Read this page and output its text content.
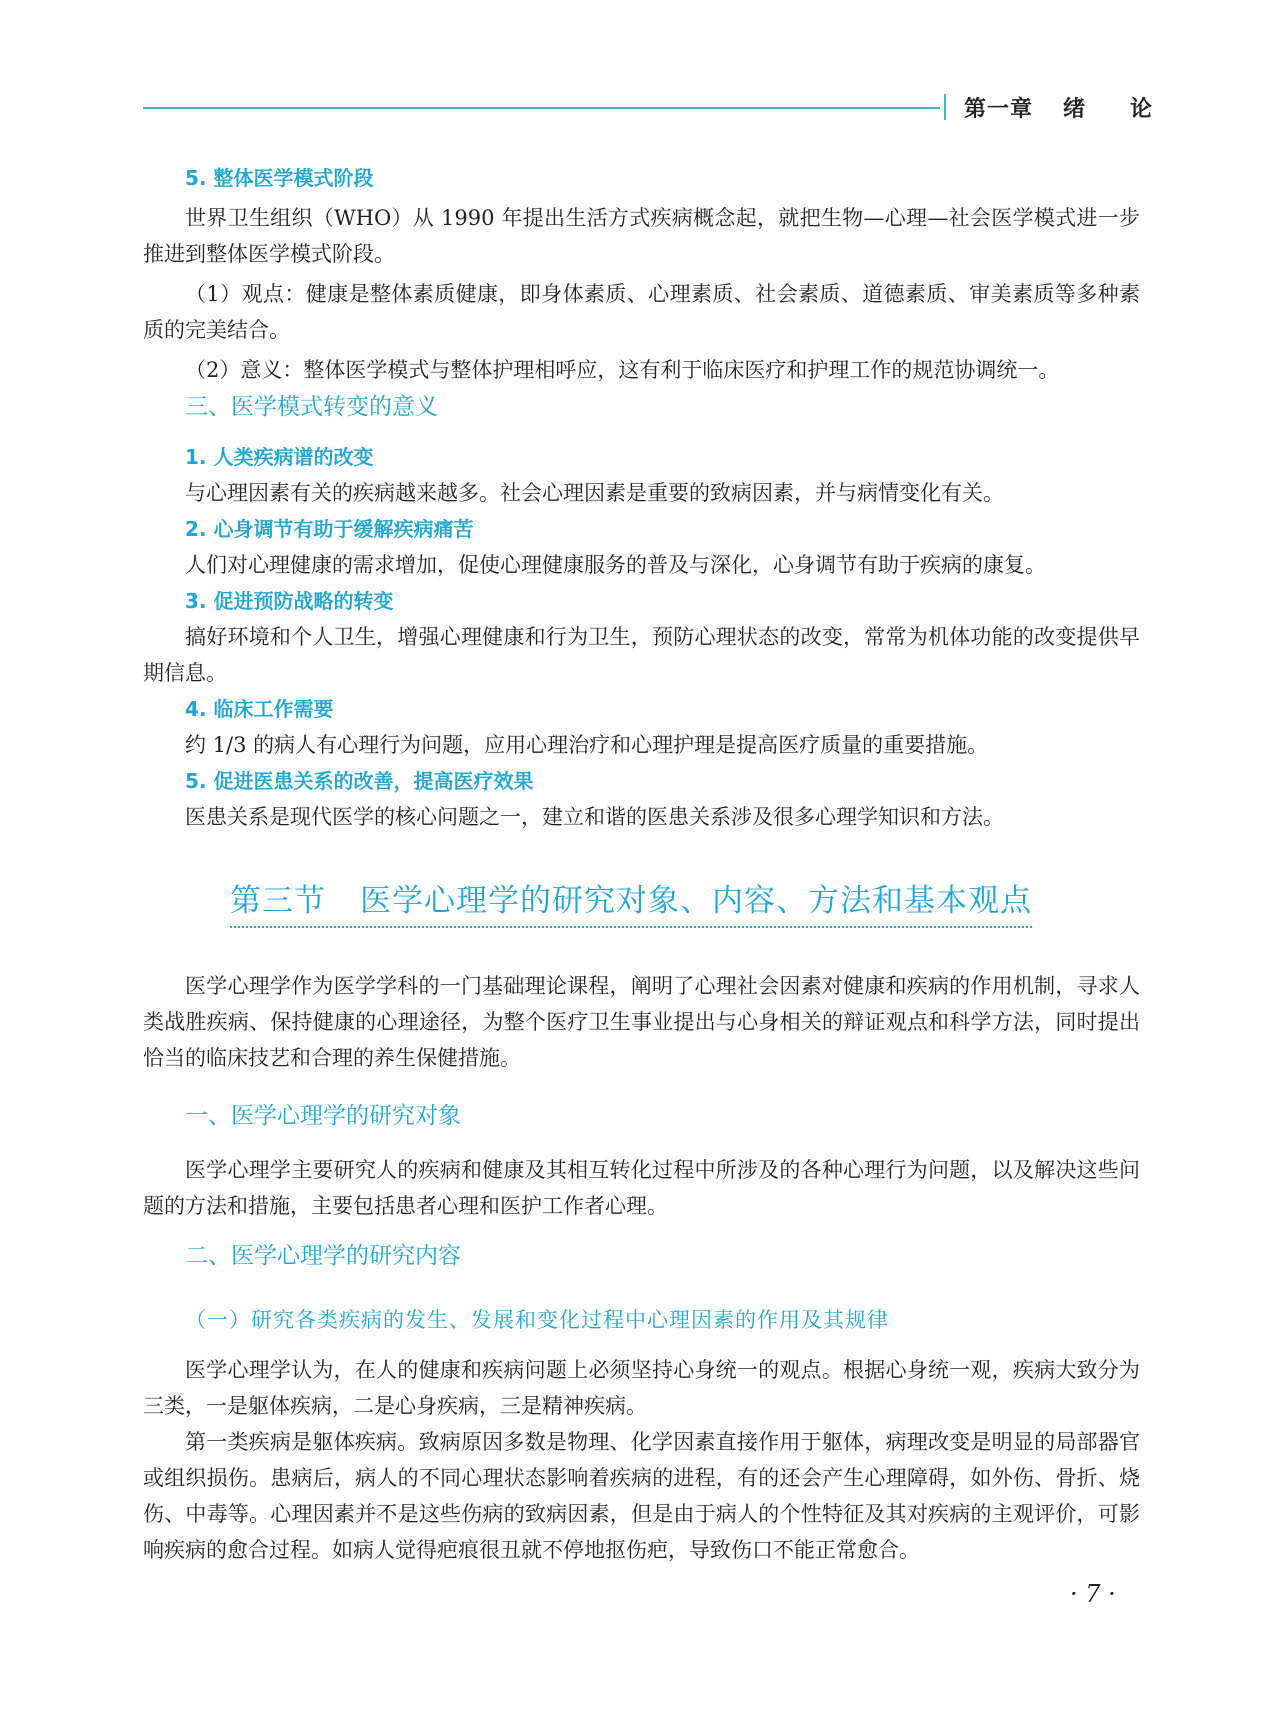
第一章 绪 论

5. 整体医学模式阶段

世界卫生组织（WHO）从 1990 年提出生活方式疾病概念起，就把生物—心理—社会医学模式进一步推进到整体医学模式阶段。

（1）观点：健康是整体素质健康，即身体素质、心理素质、社会素质、道德素质、审美素质等多种素质的完美结合。

（2）意义：整体医学模式与整体护理相呼应，这有利于临床医疗和护理工作的规范协调统一。

三、医学模式转变的意义

1. 人类疾病谱的改变

与心理因素有关的疾病越来越多。社会心理因素是重要的致病因素，并与病情变化有关。

2. 心身调节有助于缓解疾病痛苦

人们对心理健康的需求增加，促使心理健康服务的普及与深化，心身调节有助于疾病的康复。

3. 促进预防战略的转变

搞好环境和个人卫生，增强心理健康和行为卫生，预防心理状态的改变，常常为机体功能的改变提供早期信息。

4. 临床工作需要

约 1/3 的病人有心理行为问题，应用心理治疗和心理护理是提高医疗质量的重要措施。

5. 促进医患关系的改善，提高医疗效果

医患关系是现代医学的核心问题之一，建立和谐的医患关系涉及很多心理学知识和方法。

第三节 医学心理学的研究对象、内容、方法和基本观点

医学心理学作为医学学科的一门基础理论课程，阐明了心理社会因素对健康和疾病的作用机制，寻求人类战胜疾病、保持健康的心理途径，为整个医疗卫生事业提出与心身相关的辩证观点和科学方法，同时提出恰当的临床技艺和合理的养生保健措施。

一、医学心理学的研究对象

医学心理学主要研究人的疾病和健康及其相互转化过程中所涉及的各种心理行为问题，以及解决这些问题的方法和措施，主要包括患者心理和医护工作者心理。

二、医学心理学的研究内容

（一）研究各类疾病的发生、发展和变化过程中心理因素的作用及其规律

医学心理学认为，在人的健康和疾病问题上必须坚持心身统一的观点。根据心身统一观，疾病大致分为三类，一是躯体疾病，二是心身疾病，三是精神疾病。

第一类疾病是躯体疾病。致病原因多数是物理、化学因素直接作用于躯体，病理改变是明显的局部器官或组织损伤。患病后，病人的不同心理状态影响着疾病的进程，有的还会产生心理障碍，如外伤、骨折、烧伤、中毒等。心理因素并不是这些伤病的致病因素，但是由于病人的个性特征及其对疾病的主观评价，可影响疾病的愈合过程。如病人觉得疤痕很丑就不停地抠伤疤，导致伤口不能正常愈合。

· 7 ·
